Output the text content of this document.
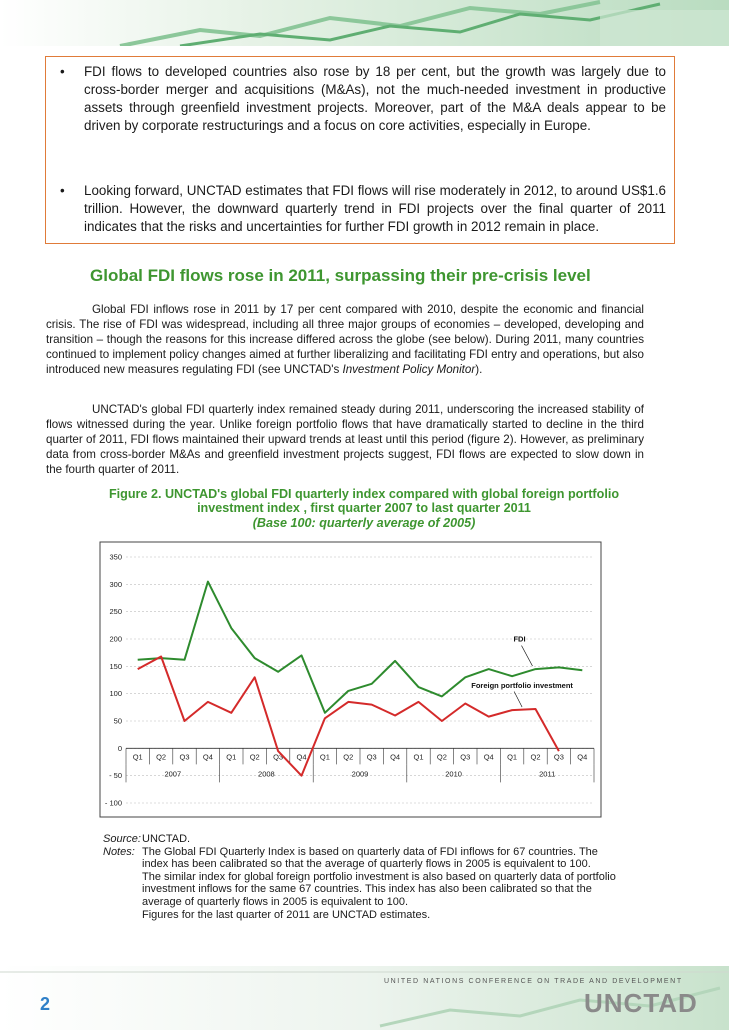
• FDI flows to developed countries also rose by 18 per cent, but the growth was largely due to cross-border merger and acquisitions (M&As), not the much-needed investment in productive assets through greenfield investment projects. Moreover, part of the M&A deals appear to be driven by corporate restructurings and a focus on core activities, especially in Europe.
• Looking forward, UNCTAD estimates that FDI flows will rise moderately in 2012, to around US$1.6 trillion. However, the downward quarterly trend in FDI projects over the final quarter of 2011 indicates that the risks and uncertainties for further FDI growth in 2012 remain in place.
Global FDI flows rose in 2011, surpassing their pre-crisis level

Global FDI inflows rose in 2011 by 17 per cent compared with 2010, despite the economic and financial crisis. The rise of FDI was widespread, including all three major groups of economies – developed, developing and transition – though the reasons for this increase differed across the globe (see below). During 2011, many countries continued to implement policy changes aimed at further liberalizing and facilitating FDI entry and operations, but also introduced new measures regulating FDI (see UNCTAD's Investment Policy Monitor).

UNCTAD's global FDI quarterly index remained steady during 2011, underscoring the increased stability of flows witnessed during the year. Unlike foreign portfolio flows that have dramatically started to decline in the third quarter of 2011, FDI flows maintained their upward trends at least until this period (figure 2). However, as preliminary data from cross-border M&As and greenfield investment projects suggest, FDI flows are expected to slow down in the fourth quarter of 2011.

Figure 2. UNCTAD's global FDI quarterly index compared with global foreign portfolio

investment index , first quarter 2007 to last quarter 2011

(Base 100: quarterly average of 2005)

- 100
- 50
0
50
100
150
200
250
300
350
Q1 Q2 Q3 Q4 Q1 Q2 Q3 Q4 Q1 Q2 Q3 Q4 Q1 Q2 Q3 Q4 Q1 Q2 Q3 Q4
2007	2008	2009	2010	2011
FDI
Foreign portfolio investment
Source: UNCTAD.
Notes: The Global FDI Quarterly Index is based on quarterly data of FDI inflows for 67 countries. The
index has been calibrated so that the average of quarterly flows in 2005 is equivalent to 100.
The similar index for global foreign portfolio investment is also based on quarterly data of portfolio
investment inflows for the same 67 countries. This index has also been calibrated so that the
average of quarterly flows in 2005 is equivalent to 100.
Figures for the last quarter of 2011 are UNCTAD estimates.
UNITED NATIONS CONFERENCE ON TRADE AND DEVELOPMENT
UNCTAD
2
